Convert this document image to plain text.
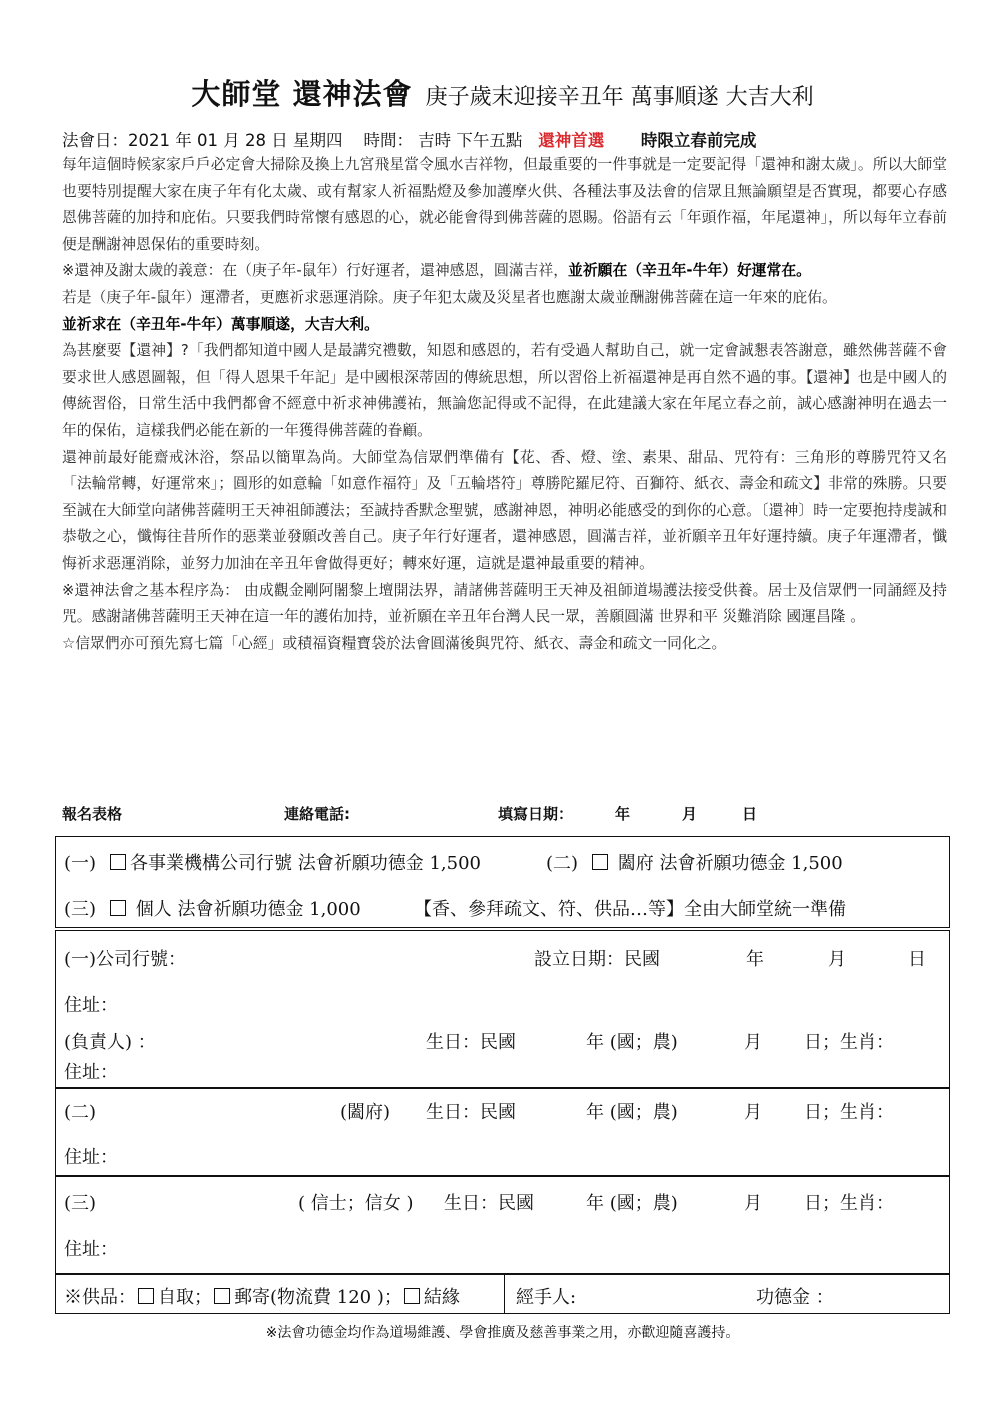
大師堂 還神法會 庚子歲末迎接辛丑年 萬事順遂 大吉大利
法會日：2021 年 01 月 28 日 星期四 時間： 吉時 下午五點 還神首選 時限立春前完成

每年這個時候家家戶戶必定會大掃除及換上九宮飛星當令風水吉祥物，但最重要的一件事就是一定要記得「還神和謝太歲」。所以大師堂也要特別提醒大家在庚子年有化太歲、或有幫家人祈福點燈及參加護摩火供、各種法事及法會的信眾且無論願望是否實現，都要心存感恩佛菩薩的加持和庇佑。只要我們時常懷有感恩的心，就必能會得到佛菩薩的恩賜。俗語有云「年頭作福，年尾還神」，所以每年立春前便是酬謝神恩保佑的重要時刻。

※還神及謝太歲的義意：在（庚子年-鼠年）行好運者，還神感恩，圓滿吉祥，並祈願在（辛丑年-牛年）好運常在。

若是（庚子年-鼠年）運滯者，更應祈求惡運消除。庚子年犯太歲及災星者也應謝太歲並酬謝佛菩薩在這一年來的庇佑。

並祈求在（辛丑年-牛年）萬事順遂，大吉大利。

為甚麼要【還神】?「我們都知道中國人是最講究禮數，知恩和感恩的，若有受過人幫助自己，就一定會誠懇表答謝意，雖然佛菩薩不會要求世人感恩圖報，但「得人恩果千年記」是中國根深蒂固的傳統思想，所以習俗上祈福還神是再自然不過的事。【還神】也是中國人的傳統習俗，日常生活中我們都會不經意中祈求神佛護祐，無論您記得或不記得，在此建議大家在年尾立春之前，誠心感謝神明在過去一年的保佑，這樣我們必能在新的一年獲得佛菩薩的眷顧。

還神前最好能齋戒沐浴，祭品以簡單為尚。大師堂為信眾們準備有【花、香、燈、塗、素果、甜品、咒符有：三角形的尊勝咒符又名「法輪常轉，好運常來」；圓形的如意輪「如意作福符」及「五輪塔符」尊勝陀羅尼符、百獅符、紙衣、壽金和疏文】非常的殊勝。只要至誠在大師堂向諸佛菩薩明王天神祖師護法；至誠持香默念聖號，感謝神恩，神明必能感受的到你的心意。〔還神〕時一定要抱持虔誠和恭敬之心，懺悔往昔所作的惡業並發願改善自己。庚子年行好運者，還神感恩，圓滿吉祥，並祈願辛丑年好運持續。庚子年運滯者，懺悔祈求惡運消除，並努力加油在辛丑年會做得更好；轉來好運，這就是還神最重要的精神。

※還神法會之基本程序為： 由成觀金剛阿闍黎上壇開法界，請諸佛菩薩明王天神及祖師道場護法接受供養。居士及信眾們一同誦經及持咒。感謝諸佛菩薩明王天神在這一年的護佑加持，並祈願在辛丑年台灣人民一眾，善願圓滿 世界和平 災難消除 國運昌隆 。

☆信眾們亦可預先寫七篇「心經」或積福資糧寶袋於法會圓滿後與咒符、紙衣、壽金和疏文一同化之。

報名表格	連絡電話:	填寫日期：	年	月	日
(一)	各事業機構公司行號 法會祈願功德金 1,500	(二)	闔府 法會祈願功德金 1,500
(三)	個人 法會祈願功德金 1,000	【香、參拜疏文、符、供品…等】全由大師堂統一準備
(一)公司行號：	設立日期：民國	年	月	日
住址：
(負責人) ：	生日：民國	年 (國；農)	月 日；生肖：
住址：
(二)	(闔府) 生日：民國	年 (國；農)	月 日；生肖：
住址：
(三)	( 信士；信女 ) 生日：民國	年 (國；農)	月 日；生肖：
住址：
※供品： 自取； 郵寄(物流費 120 )； 結緣	經手人:	功德金 ：
※法會功德金均作為道場維護、學會推廣及慈善事業之用，亦歡迎隨喜護持。
